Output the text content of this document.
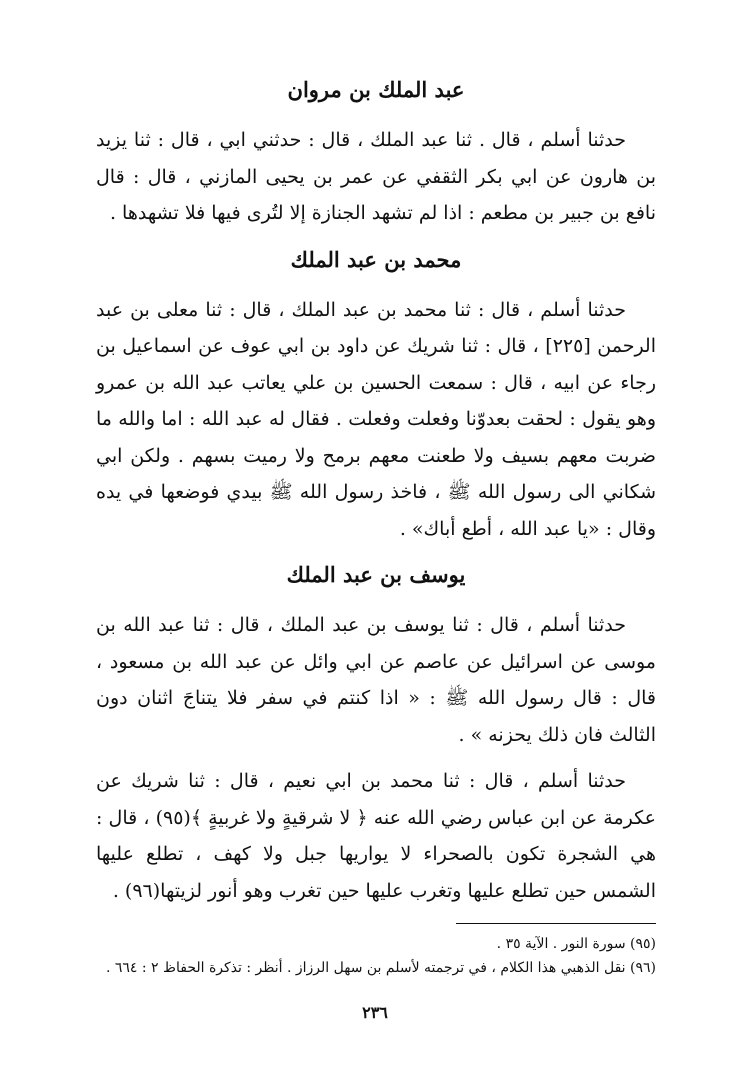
عبد الملك بن مروان

حدثنا أسلم ، قال . ثنا عبد الملك ، قال : حدثني ابي ، قال : ثنا يزيد بن هارون عن ابي بكر الثقفي عن عمر بن يحيى المازني ، قال : قال نافع بن جبير بن مطعم : اذا لم تشهد الجنازة إلا لتُرى فيها فلا تشهدها .

محمد بن عبد الملك

حدثنا أسلم ، قال : ثنا محمد بن عبد الملك ، قال : ثنا معلى بن عبد الرحمن [٢٢٥] ، قال : ثنا شريك عن داود بن ابي عوف عن اسماعيل بن رجاء عن ابيه ، قال : سمعت الحسين بن علي يعاتب عبد الله بن عمرو وهو يقول : لحقت بعدوّنا وفعلت وفعلت . فقال له عبد الله : اما والله ما ضربت معهم بسيف ولا طعنت معهم برمح ولا رميت بسهم . ولكن ابي شكاني الى رسول الله ﷺ ، فاخذ رسول الله ﷺ بيدي فوضعها في يده وقال : «يا عبد الله ، أطع أباك» .

يوسف بن عبد الملك

حدثنا أسلم ، قال : ثنا يوسف بن عبد الملك ، قال : ثنا عبد الله بن موسى عن اسرائيل عن عاصم عن ابي وائل عن عبد الله بن مسعود ، قال : قال رسول الله ﷺ : « اذا كنتم في سفر فلا يتناجَ اثنان دون الثالث فان ذلك يحزنه » .

حدثنا أسلم ، قال : ثنا محمد بن ابي نعيم ، قال : ثنا شريك عن عكرمة عن ابن عباس رضي الله عنه ﴿ لا شرقيةٍ ولا غربيةٍ ﴾(٩٥) ، قال : هي الشجرة تكون بالصحراء لا يواريها جبل ولا كهف ، تطلع عليها الشمس حين تطلع عليها وتغرب عليها حين تغرب وهو أنور لزيتها(٩٦) .

(٩٥) سورة النور . الآية ٣٥ .

(٩٦) نقل الذهبي هذا الكلام ، في ترجمته لأسلم بن سهل الرزاز . أنظر : تذكرة الحفاظ ٢ : ٦٦٤ .

٢٣٦
